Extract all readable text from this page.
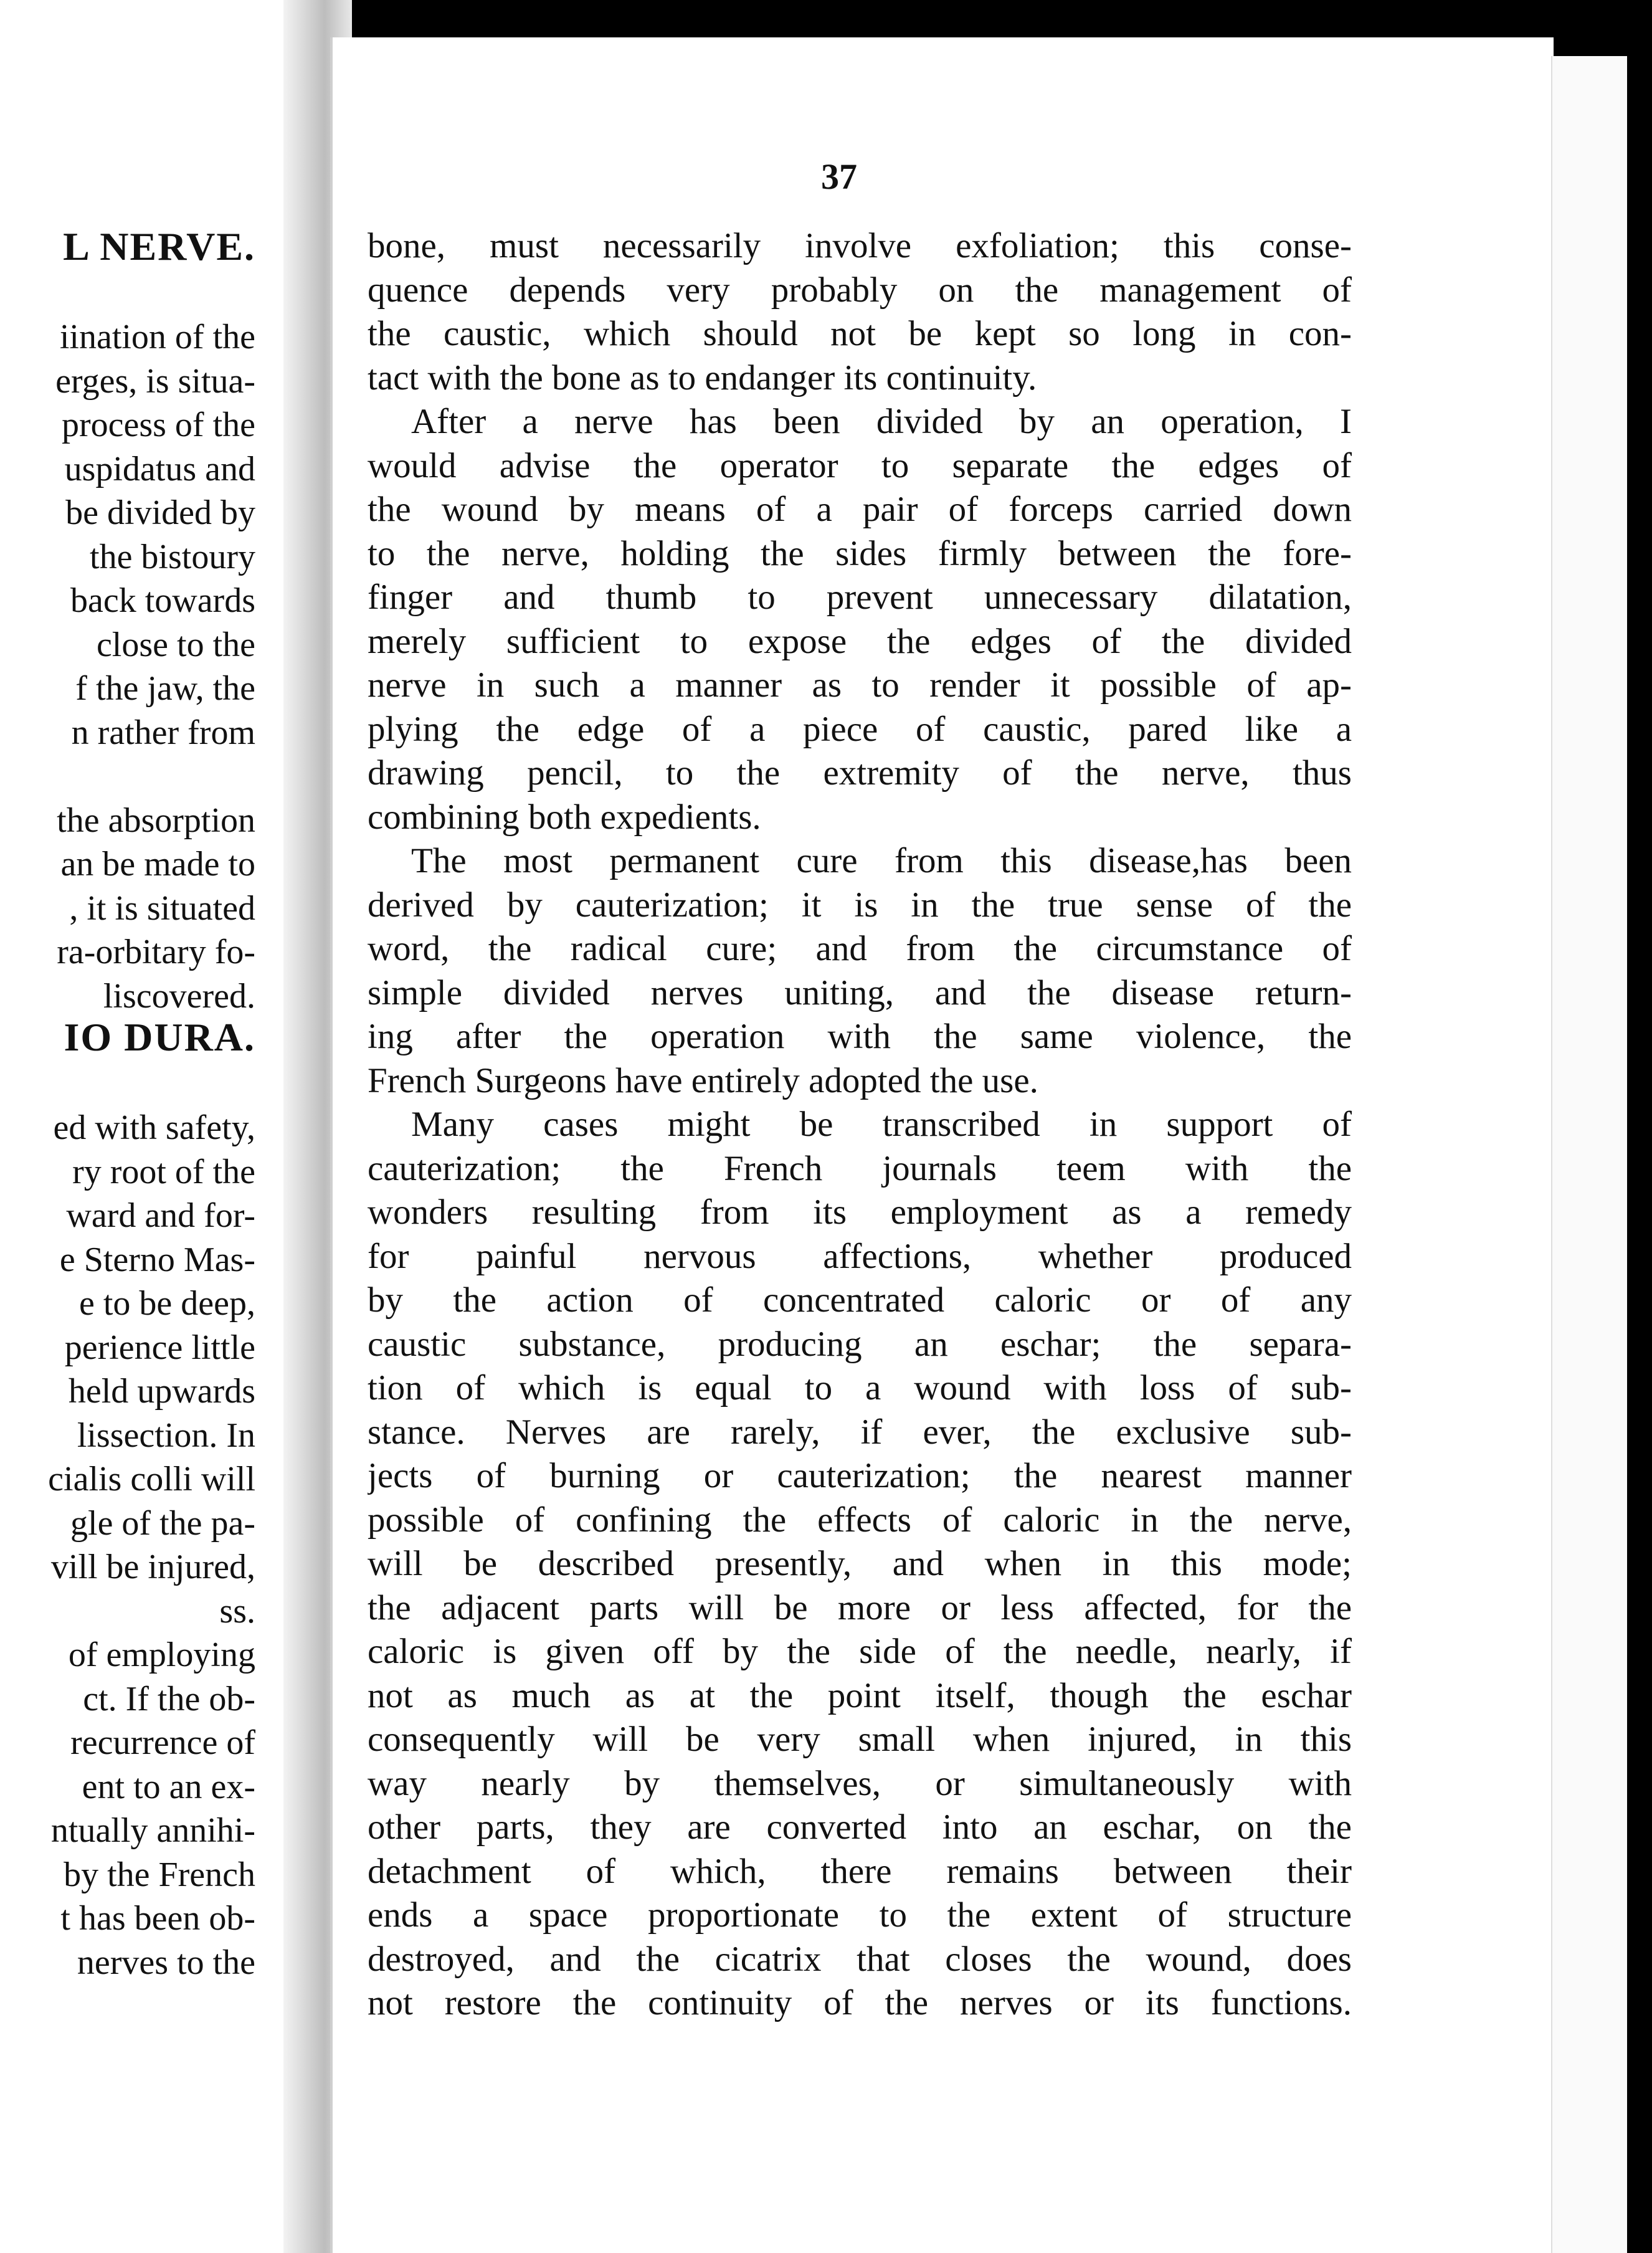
L NERVE.
iination of the
erges, is situa-
process of the
uspidatus and
be divided by
the bistoury
back towards
close to the
f the jaw, the
n rather from
the absorption
an be made to
, it is situated
ra-orbitary fo-
liscovered.
IO DURA.
ed with safety,
ry root of the
ward and for-
e Sterno Mas-
e to be deep,
perience little
held upwards
lissection. In
cialis colli will
gle of the pa-
vill be injured,
ss.
of employing
ct. If the ob-
recurrence of
ent to an ex-
ntually annihi-
by the French
t has been ob-
nerves to the
37
bone, must necessarily involve exfoliation; this conse-
quence depends very probably on the management of
the caustic, which should not be kept so long in con-
tact with the bone as to endanger its continuity.
After a nerve has been divided by an operation, I
would advise the operator to separate the edges of
the wound by means of a pair of forceps carried down
to the nerve, holding the sides firmly between the fore-
finger and thumb to prevent unnecessary dilatation,
merely sufficient to expose the edges of the divided
nerve in such a manner as to render it possible of ap-
plying the edge of a piece of caustic, pared like a
drawing pencil, to the extremity of the nerve, thus
combining both expedients.
The most permanent cure from this disease,has been
derived by cauterization; it is in the true sense of the
word, the radical cure; and from the circumstance of
simple divided nerves uniting, and the disease return-
ing after the operation with the same violence, the
French Surgeons have entirely adopted the use.
Many cases might be transcribed in support of
cauterization; the French journals teem with the
wonders resulting from its employment as a remedy
for painful nervous affections, whether produced
by the action of concentrated caloric or of any
caustic substance, producing an eschar; the separa-
tion of which is equal to a wound with loss of sub-
stance. Nerves are rarely, if ever, the exclusive sub-
jects of burning or cauterization; the nearest manner
possible of confining the effects of caloric in the nerve,
will be described presently, and when in this mode;
the adjacent parts will be more or less affected, for the
caloric is given off by the side of the needle, nearly, if
not as much as at the point itself, though the eschar
consequently will be very small when injured, in this
way nearly by themselves, or simultaneously with
other parts, they are converted into an eschar, on the
detachment of which, there remains between their
ends a space proportionate to the extent of structure
destroyed, and the cicatrix that closes the wound, does
not restore the continuity of the nerves or its functions.
